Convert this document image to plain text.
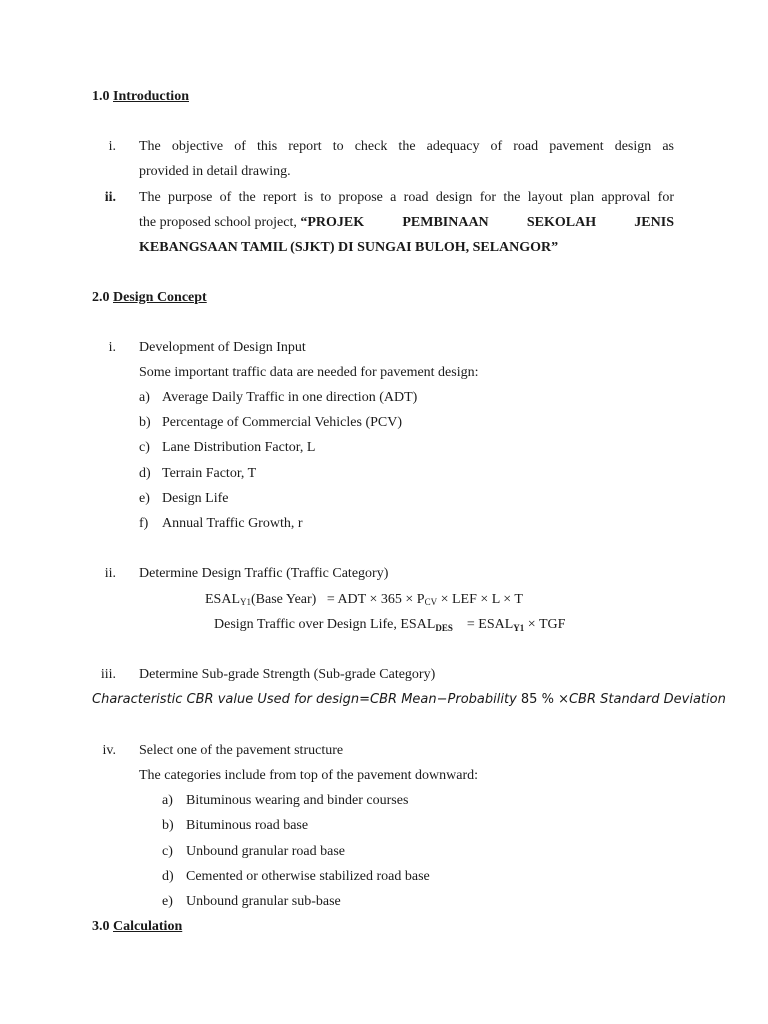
1.0 Introduction
i. The objective of this report to check the adequacy of road pavement design as
provided in detail drawing.
ii. The purpose of the report is to propose a road design for the layout plan approval for
the proposed school project, “PROJEK PEMBINAAN SEKOLAH JENIS
KEBANGSAAN TAMIL (SJKT) DI SUNGAI BULOH, SELANGOR”
2.0 Design Concept
i. Development of Design Input
Some important traffic data are needed for pavement design:
a) Average Daily Traffic in one direction (ADT)
b) Percentage of Commercial Vehicles (PCV)
c) Lane Distribution Factor, L
d) Terrain Factor, T
e) Design Life
f) Annual Traffic Growth, r
ii. Determine Design Traffic (Traffic Category)
$ESAL_{Y1}(Base$ Year) = ADT × $365 \times P_{CV}$ × LEF × L × T
Design Traffic over Design Life, $ESAL_{DES}$ = $ESAL_{Y1}$ × TGF
iii. Determine Sub-grade Strength (Sub-grade Category)
Characteristic CBR value Used for design=CBR Mean−Probability 85 % ×CBR Standard Deviation
iv. Select one of the pavement structure
The categories include from top of the pavement downward:
a) Bituminous wearing and binder courses
b) Bituminous road base
c) Unbound granular road base
d) Cemented or otherwise stabilized road base
e) Unbound granular sub-base
3.0 Calculation
